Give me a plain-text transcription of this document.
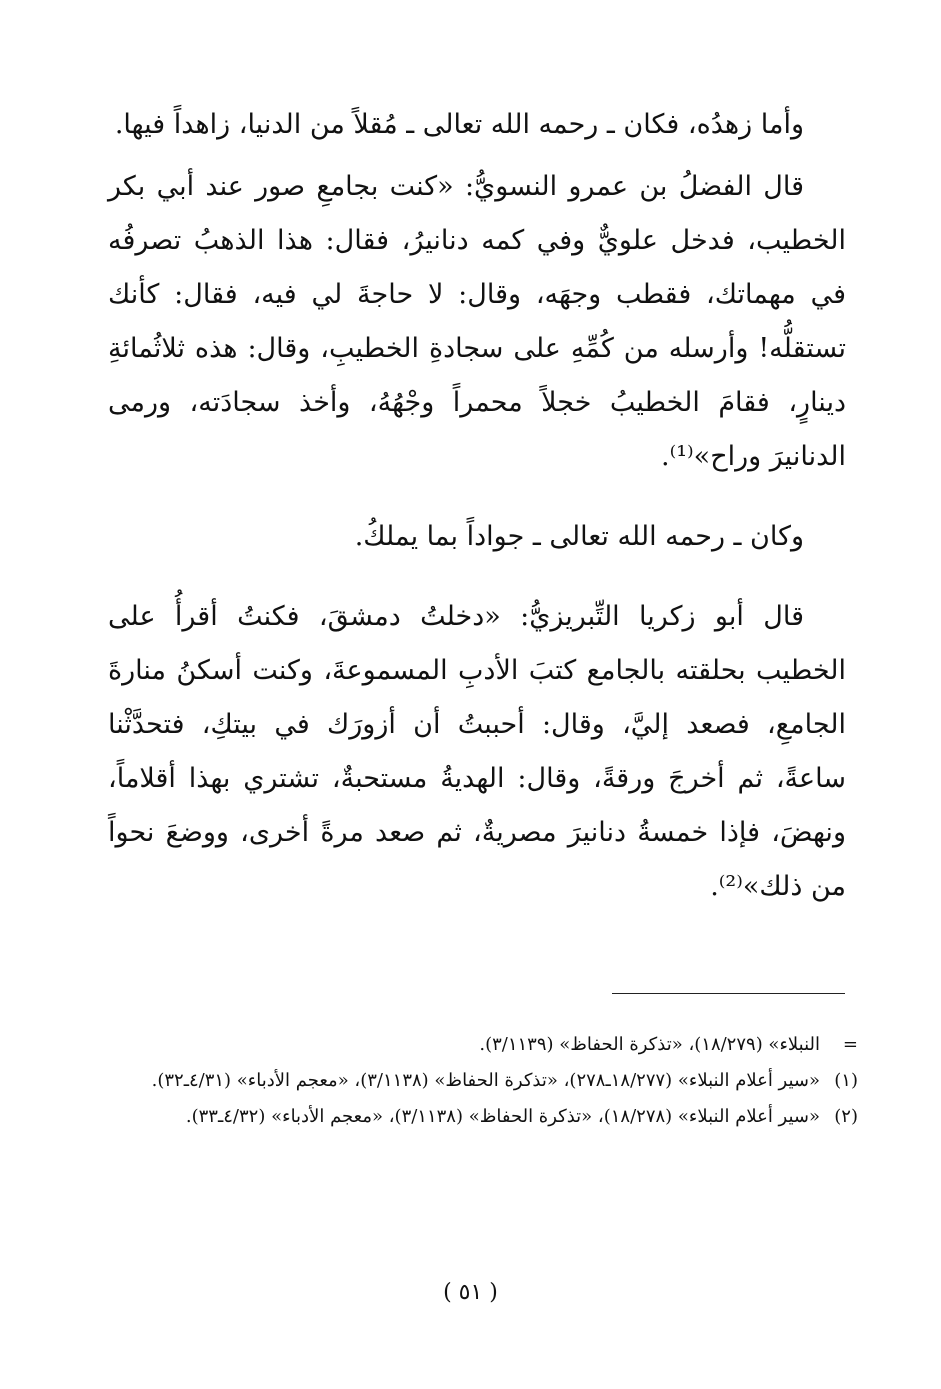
وأما زهدُه، فكان ـ رحمه الله تعالى ـ مُقلاً من الدنيا، زاهداً فيها.

قال الفضلُ بن عمرو النسويُّ: «كنت بجامعِ صور عند أبي بكر الخطيب، فدخل علويٌّ وفي كمه دنانيرُ، فقال: هذا الذهبُ تصرفُه في مهماتك، فقطب وجهَه، وقال: لا حاجةَ لي فيه، فقال: كأنك تستقلُّه! وأرسله من كُمِّهِ على سجادةِ الخطيبِ، وقال: هذه ثلاثُمائةِ دينارٍ، فقامَ الخطيبُ خجلاً محمراً وجْهُهُ، وأخذ سجادَته، ورمى الدنانيرَ وراح»⁽¹⁾.

وكان ـ رحمه الله تعالى ـ جواداً بما يملكُ.

قال أبو زكريا التِّبريزيُّ: «دخلتُ دمشقَ، فكنتُ أقرأُ على الخطيب بحلقته بالجامع كتبَ الأدبِ المسموعةَ، وكنت أسكنُ منارةَ الجامعِ، فصعد إليَّ، وقال: أحببتُ أن أزورَك في بيتكِ، فتحدَّثْنا ساعةً، ثم أخرجَ ورقةً، وقال: الهديةُ مستحبةٌ، تشتري بهذا أقلاماً، ونهضَ، فإذا خمسةُ دنانيرَ مصريةٌ، ثم صعد مرةً أخرى، ووضعَ نحواً من ذلك»⁽²⁾.

=
النبلاء» (١٨/٢٧٩)، «تذكرة الحفاظ» (٣/١١٣٩).
(١)
«سير أعلام النبلاء» (١٨/٢٧٧ـ٢٧٨)، «تذكرة الحفاظ» (٣/١١٣٨)، «معجم الأدباء» (٤/٣١ـ٣٢).
(٢)
«سير أعلام النبلاء» (١٨/٢٧٨)، «تذكرة الحفاظ» (٣/١١٣٨)، «معجم الأدباء» (٤/٣٢ـ٣٣).
( ٥١ )
